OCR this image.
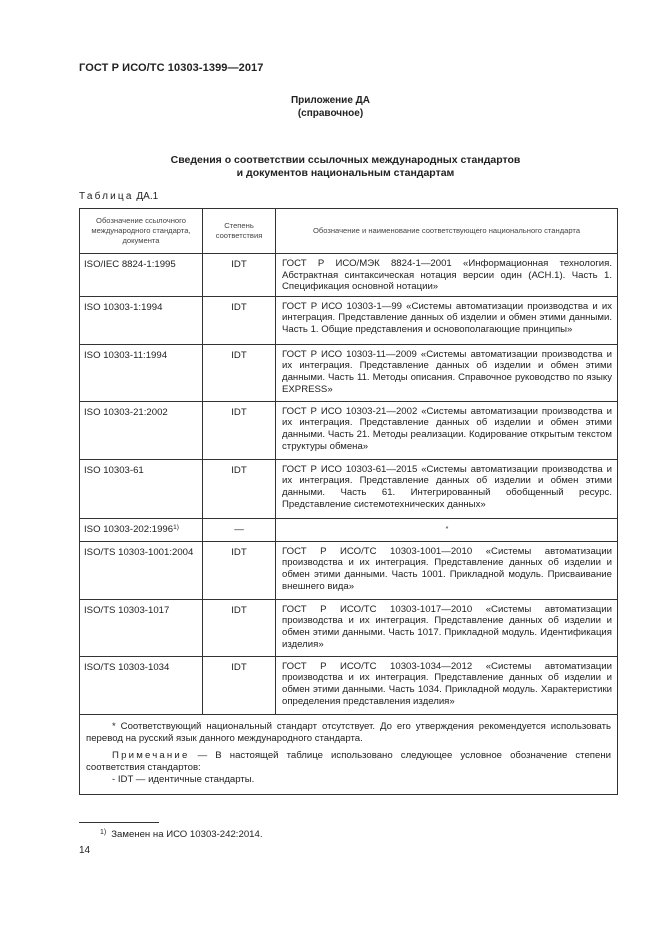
ГОСТ Р ИСО/ТС 10303-1399—2017
Приложение ДА
(справочное)
Сведения о соответствии ссылочных международных стандартов
и документов национальным стандартам
Таблица ДА.1
Обозначение ссылочного международного стандарта, документа	Степень соответствия	Обозначение и наименование соответствующего национального стандарта
ISO/IEC 8824-1:1995	IDT	ГОСТ Р ИСО/МЭК 8824-1—2001 «Информационная технология. Абстрактная синтаксическая нотация версии один (АСН.1). Часть 1. Спецификация основной нотации»
ISO 10303-1:1994	IDT	ГОСТ Р ИСО 10303-1—99 «Системы автоматизации производства и их интеграция. Представление данных об изделии и обмен этими данными. Часть 1. Общие представления и основополагающие принципы»
ISO 10303-11:1994	IDT	ГОСТ Р ИСО 10303-11—2009 «Системы автоматизации производства и их интеграция. Представление данных об изделии и обмен этими данными. Часть 11. Методы описания. Справочное руководство по языку EXPRESS»
ISO 10303-21:2002	IDT	ГОСТ Р ИСО 10303-21—2002 «Системы автоматизации производства и их интеграция. Представление данных об изделии и обмен этими данными. Часть 21. Методы реализации. Кодирование открытым текстом структуры обмена»
ISO 10303-61	IDT	ГОСТ Р ИСО 10303-61—2015 «Системы автоматизации производства и их интеграция. Представление данных об изделии и обмен этими данными. Часть 61. Интегрированный обобщенный ресурс. Представление системотехнических данных»
ISO 10303-202:1996$^{1)}$	—	*
ISO/TS 10303-1001:2004	IDT	ГОСТ Р ИСО/ТС 10303-1001—2010 «Системы автоматизации производства и их интеграция. Представление данных об изделии и обмен этими данными. Часть 1001. Прикладной модуль. Присваивание внешнего вида»
ISO/TS 10303-1017	IDT	ГОСТ Р ИСО/ТС 10303-1017—2010 «Системы автоматизации производства и их интеграция. Представление данных об изделии и обмен этими данными. Часть 1017. Прикладной модуль. Идентификация изделия»
ISO/TS 10303-1034	IDT	ГОСТ Р ИСО/ТС 10303-1034—2012 «Системы автоматизации производства и их интеграция. Представление данных об изделии и обмен этими данными. Часть 1034. Прикладной модуль. Характеристики определения представления изделия»

* Соответствующий национальный стандарт отсутствует. До его утверждения рекомендуется использовать перевод на русский язык данного международного стандарта.
Примечание — В настоящей таблице использовано следующее условное обозначение степени соответствия стандартов:
- IDT — идентичные стандарты.		
$^{1)}$ Заменен на ИСО 10303-242:2014.
14
